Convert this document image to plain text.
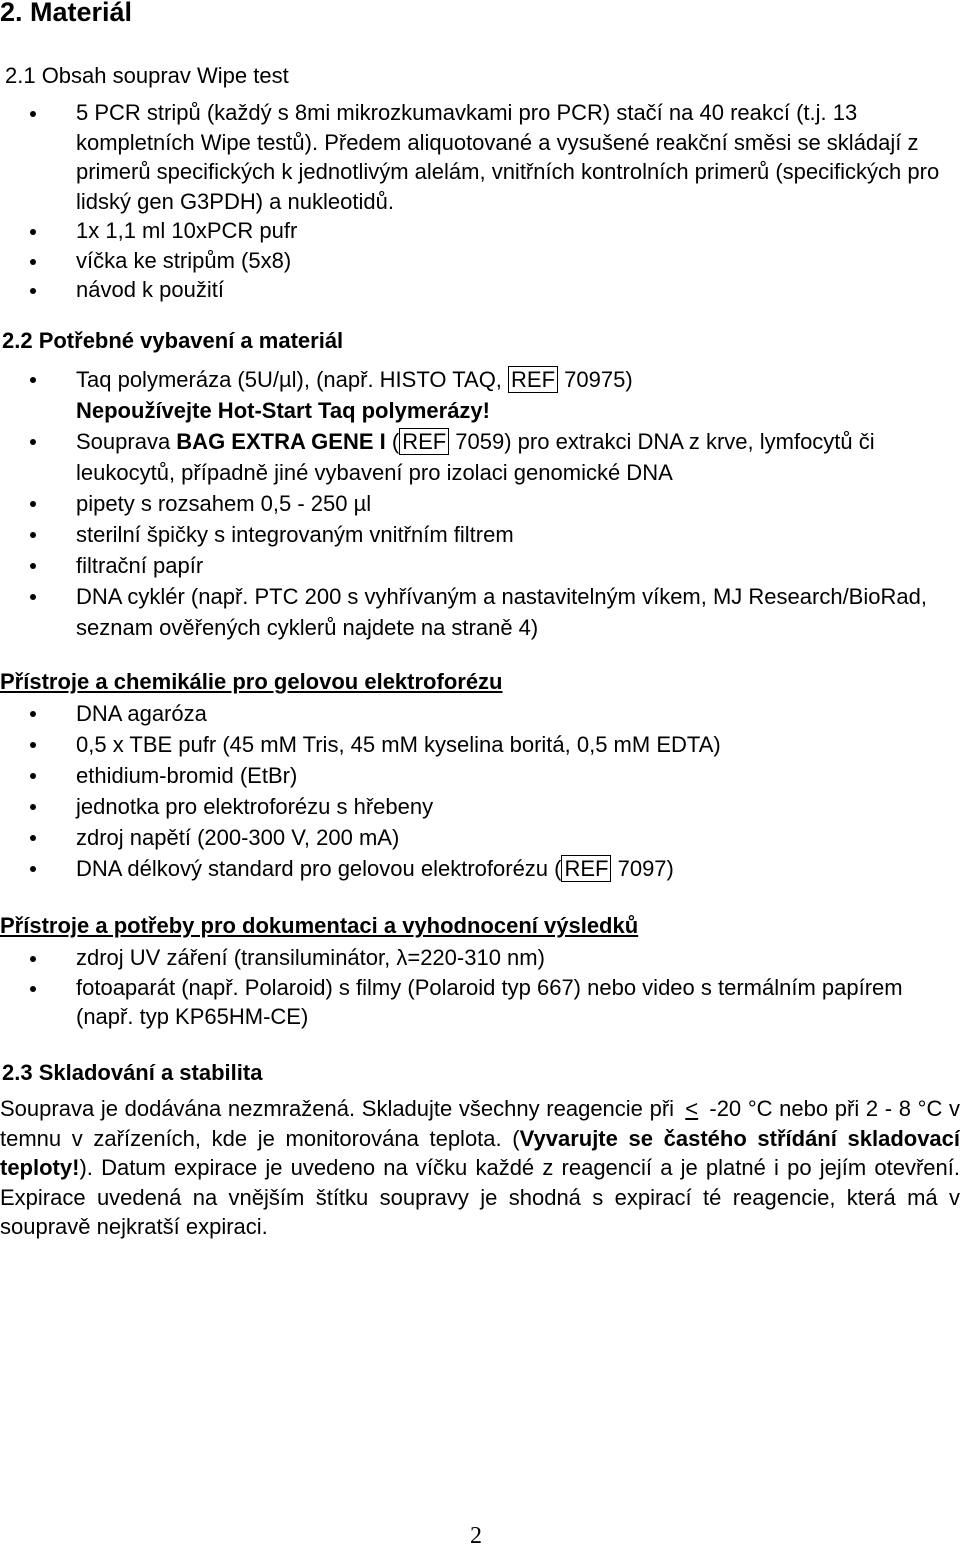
2. Materiál
2.1 Obsah souprav Wipe test
5 PCR stripů (každý s 8mi mikrozkumavkami pro PCR) stačí na 40 reakcí (t.j. 13 kompletních Wipe testů). Předem aliquotované a vysušené reakční směsi se skládají z primerů specifických k jednotlivým alelám, vnitřních kontrolních primerů (specifických pro lidský gen G3PDH) a nukleotidů.
1x 1,1 ml 10xPCR pufr
víčka ke stripům (5x8)
návod k použití
2.2 Potřebné vybavení a materiál
Taq polymeráza (5U/µl), (např. HISTO TAQ, REF 70975)
Nepoužívejte Hot-Start Taq polymerázy!
Souprava BAG EXTRA GENE I ( REF 7059) pro extrakci DNA z krve, lymfocytů či leukocytů, případně jiné vybavení pro izolaci genomické DNA
pipety s rozsahem 0,5 - 250 µl
sterilní špičky s integrovaným vnitřním filtrem
filtrační papír
DNA cyklér (např. PTC 200 s vyhřívaným a nastavitelným víkem, MJ Research/BioRad, seznam ověřených cyklerů najdete na straně 4)
Přístroje a chemikálie pro gelovou elektroforézu
DNA agaróza
0,5 x TBE pufr (45 mM Tris, 45 mM kyselina boritá, 0,5 mM EDTA)
ethidium-bromid (EtBr)
jednotka pro elektroforézu s hřebeny
zdroj napětí (200-300 V, 200 mA)
DNA délkový standard pro gelovou elektroforézu ( REF 7097)
Přístroje a potřeby pro dokumentaci a vyhodnocení výsledků
zdroj UV záření (transiluminátor, λ=220-310 nm)
fotoaparát (např. Polaroid) s filmy (Polaroid typ 667) nebo video s termálním papírem (např. typ KP65HM-CE)
2.3 Skladování a stabilita

Souprava je dodávána nezmražená. Skladujte všechny reagencie při ≤ -20 °C nebo při 2 - 8 °C v temnu v zařízeních, kde je monitorována teplota. (Vyvarujte se častého střídání skladovací teploty!). Datum expirace je uvedeno na víčku každé z reagencií a je platné i po jejím otevření. Expirace uvedená na vnějším štítku soupravy je shodná s expirací té reagencie, která má v soupravě nejkratší expiraci.

2
